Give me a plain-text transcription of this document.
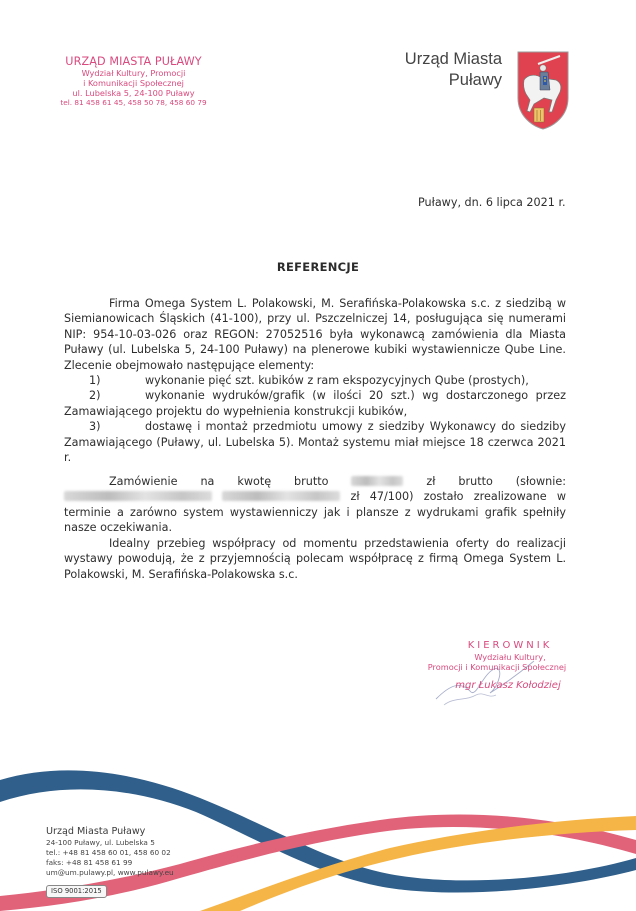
URZĄD MIASTA PUŁAWY
Wydział Kultury, Promocji
i Komunikacji Społecznej
ul. Lubelska 5, 24-100 Puławy
tel. 81 458 61 45, 458 50 78, 458 60 79
Urząd Miasta
Puławy
Puławy, dn. 6 lipca 2021 r.
REFERENCJE
Firma Omega System L. Polakowski, M. Serafińska-Polakowska s.c. z siedzibą w Siemianowicach Śląskich (41-100), przy ul. Pszczelniczej 14, posługująca się numerami NIP: 954-10-03-026 oraz REGON: 27052516 była wykonawcą zamówienia dla Miasta Puławy (ul. Lubelska 5, 24-100 Puławy) na plenerowe kubiki wystawiennicze Qube Line. Zlecenie obejmowało następujące elementy:
1)	wykonanie pięć szt. kubików z ram ekspozycyjnych Qube (prostych),
2)	wykonanie wydruków/grafik (w ilości 20 szt.) wg dostarczonego przez Zamawiającego projektu do wypełnienia konstrukcji kubików,
3)	dostawę i montaż przedmiotu umowy z siedziby Wykonawcy do siedziby Zamawiającego (Puławy, ul. Lubelska 5). Montaż systemu miał miejsce 18 czerwca 2021 r.
Zamówienie na kwotę brutto	zł brutto (słownie:   zł 47/100) zostało zrealizowane w terminie a zarówno system wystawienniczy jak i plansze z wydrukami grafik spełniły nasze oczekiwania.
Idealny przebieg współpracy od momentu przedstawienia oferty do realizacji wystawy powodują, że z przyjemnością polecam współpracę z firmą Omega System L. Polakowski, M. Serafińska-Polakowska s.c.
KIEROWNIK
Wydziału Kultury,
Promocji i Komunikacji Społecznej
mgr Łukasz Kołodziej
Urząd Miasta Puławy
24-100 Puławy, ul. Lubelska 5
tel.: +48 81 458 60 01, 458 60 02
faks: +48 81 458 61 99
um@um.pulawy.pl, www.pulawy.eu
ISO 9001:2015
